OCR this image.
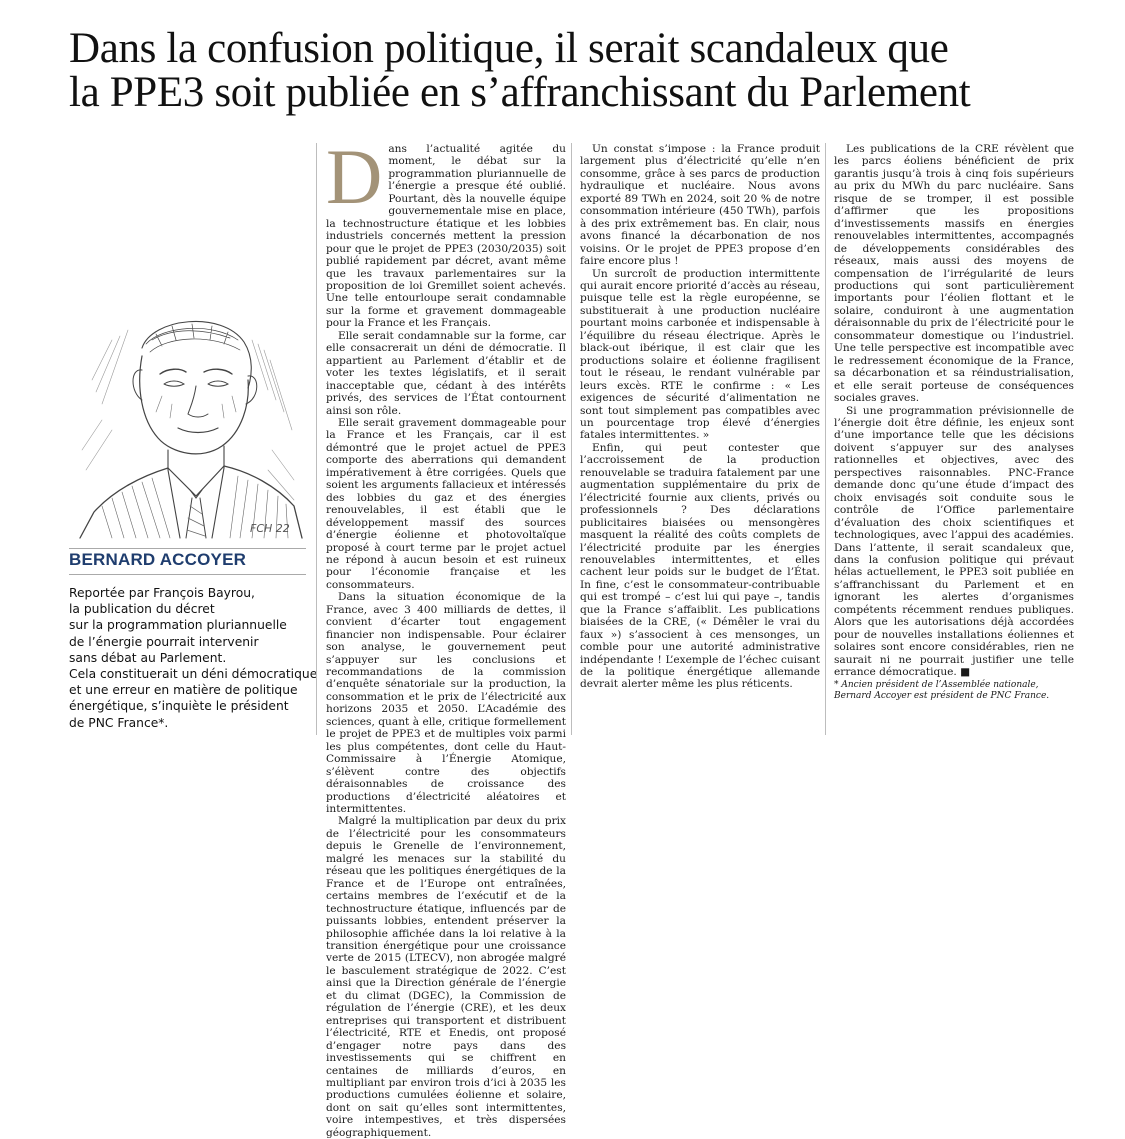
Dans la confusion politique, il serait scandaleux que
la PPE3 soit publiée en s’affranchissant du Parlement
FCH 22
BERNARD ACCOYER
Reportée par François Bayrou,
la publication du décret
sur la programmation pluriannuelle
de l’énergie pourrait intervenir
sans débat au Parlement.
Cela constituerait un déni démocratique
et une erreur en matière de politique
énergétique, s’inquiète le président
de PNC France*.

Dans l’actualité agitée du moment, le débat sur la programmation pluriannuelle de l’énergie a presque été oublié. Pourtant, dès la nouvelle équipe gouvernementale mise en place, la technostructure étatique et les lobbies industriels concernés mettent la pression pour que le projet de PPE3 (2030/2035) soit publié rapidement par décret, avant même que les travaux parlementaires sur la proposition de loi Gremillet soient achevés. Une telle entourloupe serait condamnable sur la forme et gravement dommageable pour la France et les Français.

Elle serait condamnable sur la forme, car elle consacrerait un déni de démocratie. Il appartient au Parlement d’établir et de voter les textes législatifs, et il serait inacceptable que, cédant à des intérêts privés, des services de l’État contournent ainsi son rôle.

Elle serait gravement dommageable pour la France et les Français, car il est démontré que le projet actuel de PPE3 comporte des aberrations qui demandent impérativement à être corrigées. Quels que soient les arguments fallacieux et intéressés des lobbies du gaz et des énergies renouvelables, il est établi que le développement massif des sources d’énergie éolienne et photovoltaïque proposé à court terme par le projet actuel ne répond à aucun besoin et est ruineux pour l’économie française et les consommateurs.

Dans la situation économique de la France, avec 3 400 milliards de dettes, il convient d’écarter tout engagement financier non indispensable. Pour éclairer son analyse, le gouvernement peut s’appuyer sur les conclusions et recommandations de la commission d’enquête sénatoriale sur la production, la consommation et le prix de l’électricité aux horizons 2035 et 2050. L’Académie des sciences, quant à elle, critique formellement le projet de PPE3 et de multiples voix parmi les plus compétentes, dont celle du Haut-Commissaire à l’Énergie Atomique, s’élèvent contre des objectifs déraisonnables de croissance des productions d’électricité aléatoires et intermittentes.

Malgré la multiplication par deux du prix de l’électricité pour les consommateurs depuis le Grenelle de l’environnement, malgré les menaces sur la stabilité du réseau que les politiques énergétiques de la France et de l’Europe ont entraînées, certains membres de l’exécutif et de la technostructure étatique, influencés par de puissants lobbies, entendent préserver la philosophie affichée dans la loi relative à la transition énergétique pour une croissance verte de 2015 (LTECV), non abrogée malgré le basculement stratégique de 2022. C’est ainsi que la Direction générale de l’énergie et du climat (DGEC), la Commission de régulation de l’énergie (CRE), et les deux entreprises qui transportent et distribuent l’électricité, RTE et Enedis, ont proposé d’engager notre pays dans des investissements qui se chiffrent en centaines de milliards d’euros, en multipliant par environ trois d’ici à 2035 les productions cumulées éolienne et solaire, dont on sait qu’elles sont intermittentes, voire intempestives, et très dispersées géographiquement.

Un constat s’impose : la France produit largement plus d’électricité qu’elle n’en consomme, grâce à ses parcs de production hydraulique et nucléaire. Nous avons exporté 89 TWh en 2024, soit 20 % de notre consommation intérieure (450 TWh), parfois à des prix extrêmement bas. En clair, nous avons financé la décarbonation de nos voisins. Or le projet de PPE3 propose d’en faire encore plus !

Un surcroît de production intermittente qui aurait encore priorité d’accès au réseau, puisque telle est la règle européenne, se substituerait à une production nucléaire pourtant moins carbonée et indispensable à l’équilibre du réseau électrique. Après le black-out ibérique, il est clair que les productions solaire et éolienne fragilisent tout le réseau, le rendant vulnérable par leurs excès. RTE le confirme : « Les exigences de sécurité d’alimentation ne sont tout simplement pas compatibles avec un pourcentage trop élevé d’énergies fatales intermittentes. »

Enfin, qui peut contester que l’accroissement de la production renouvelable se traduira fatalement par une augmentation supplémentaire du prix de l’électricité fournie aux clients, privés ou professionnels ? Des déclarations publicitaires biaisées ou mensongères masquent la réalité des coûts complets de l’électricité produite par les énergies renouvelables intermittentes, et elles cachent leur poids sur le budget de l’État. In fine, c’est le consommateur-contribuable qui est trompé – c’est lui qui paye –, tandis que la France s’affaiblit. Les publications biaisées de la CRE, (« Démêler le vrai du faux ») s’associent à ces mensonges, un comble pour une autorité administrative indépendante ! L’exemple de l’échec cuisant de la politique énergétique allemande devrait alerter même les plus réticents.

Les publications de la CRE révèlent que les parcs éoliens bénéficient de prix garantis jusqu’à trois à cinq fois supérieurs au prix du MWh du parc nucléaire. Sans risque de se tromper, il est possible d’affirmer que les propositions d’investissements massifs en énergies renouvelables intermittentes, accompagnés de développements considérables des réseaux, mais aussi des moyens de compensation de l’irrégularité de leurs productions qui sont particulièrement importants pour l’éolien flottant et le solaire, conduiront à une augmentation déraisonnable du prix de l’électricité pour le consommateur domestique ou l’industriel. Une telle perspective est incompatible avec le redressement économique de la France, sa décarbonation et sa réindustrialisation, et elle serait porteuse de conséquences sociales graves.

Si une programmation prévisionnelle de l’énergie doit être définie, les enjeux sont d’une importance telle que les décisions doivent s’appuyer sur des analyses rationnelles et objectives, avec des perspectives raisonnables. PNC-France demande donc qu’une étude d’impact des choix envisagés soit conduite sous le contrôle de l’Office parlementaire d’évaluation des choix scientifiques et technologiques, avec l’appui des académies. Dans l’attente, il serait scandaleux que, dans la confusion politique qui prévaut hélas actuellement, le PPE3 soit publiée en s’affranchissant du Parlement et en ignorant les alertes d’organismes compétents récemment rendues publiques. Alors que les autorisations déjà accordées pour de nouvelles installations éoliennes et solaires sont encore considérables, rien ne saurait ni ne pourrait justifier une telle errance démocratique. ■

* Ancien président de l’Assemblée nationale,
Bernard Accoyer est président de PNC France.
